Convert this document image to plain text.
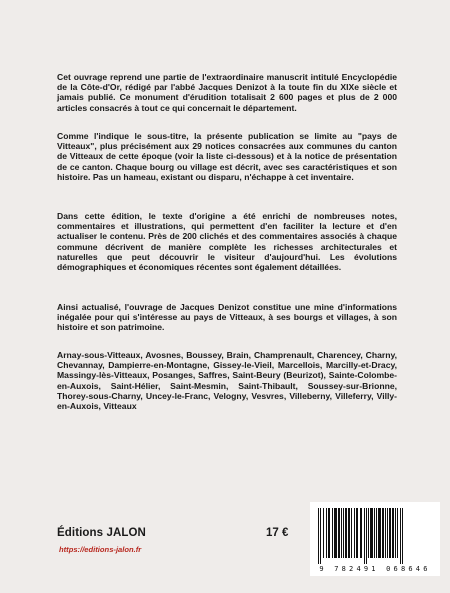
Cet ouvrage reprend une partie de l'extraordinaire manuscrit intitulé Encyclopédie de la Côte-d'Or, rédigé par l'abbé Jacques Denizot à la toute fin du XIXe siècle et jamais publié. Ce monument d'érudition totalisait 2 600 pages et plus de 2 000 articles consacrés à tout ce qui concernait le département.

Comme l'indique le sous-titre, la présente publication se limite au "pays de Vitteaux", plus précisément aux 29 notices consacrées aux communes du canton de Vitteaux de cette époque (voir la liste ci-dessous) et à la notice de présentation de ce canton. Chaque bourg ou village est décrit, avec ses caractéristiques et son histoire. Pas un hameau, existant ou disparu, n'échappe à cet inventaire.

Dans cette édition, le texte d'origine a été enrichi de nombreuses notes, commentaires et illustrations, qui permettent d'en faciliter la lecture et d'en actualiser le contenu. Près de 200 clichés et des commentaires associés à chaque commune décrivent de manière complète les richesses architecturales et naturelles que peut découvrir le visiteur d'aujourd'hui. Les évolutions démographiques et économiques récentes sont également détaillées.

Ainsi actualisé, l'ouvrage de Jacques Denizot constitue une mine d'informations inégalée pour qui s'intéresse au pays de Vitteaux, à ses bourgs et villages, à son histoire et son patrimoine.

Arnay-sous-Vitteaux, Avosnes, Boussey, Brain, Champrenault, Charencey, Charny, Chevannay, Dampierre-en-Montagne, Gissey-le-Vieil, Marcellois, Marcilly-et-Dracy, Massingy-lès-Vitteaux, Posanges, Saffres, Saint-Beury (Beurizot), Sainte-Colombe-en-Auxois, Saint-Hélier, Saint-Mesmin, Saint-Thibault, Soussey-sur-Brionne, Thorey-sous-Charny, Uncey-le-Franc, Velogny, Vesvres, Villeberny, Villeferry, Villy-en-Auxois, Vitteaux

Éditions JALON
https://editions-jalon.fr
17 €
9 782491 068646
